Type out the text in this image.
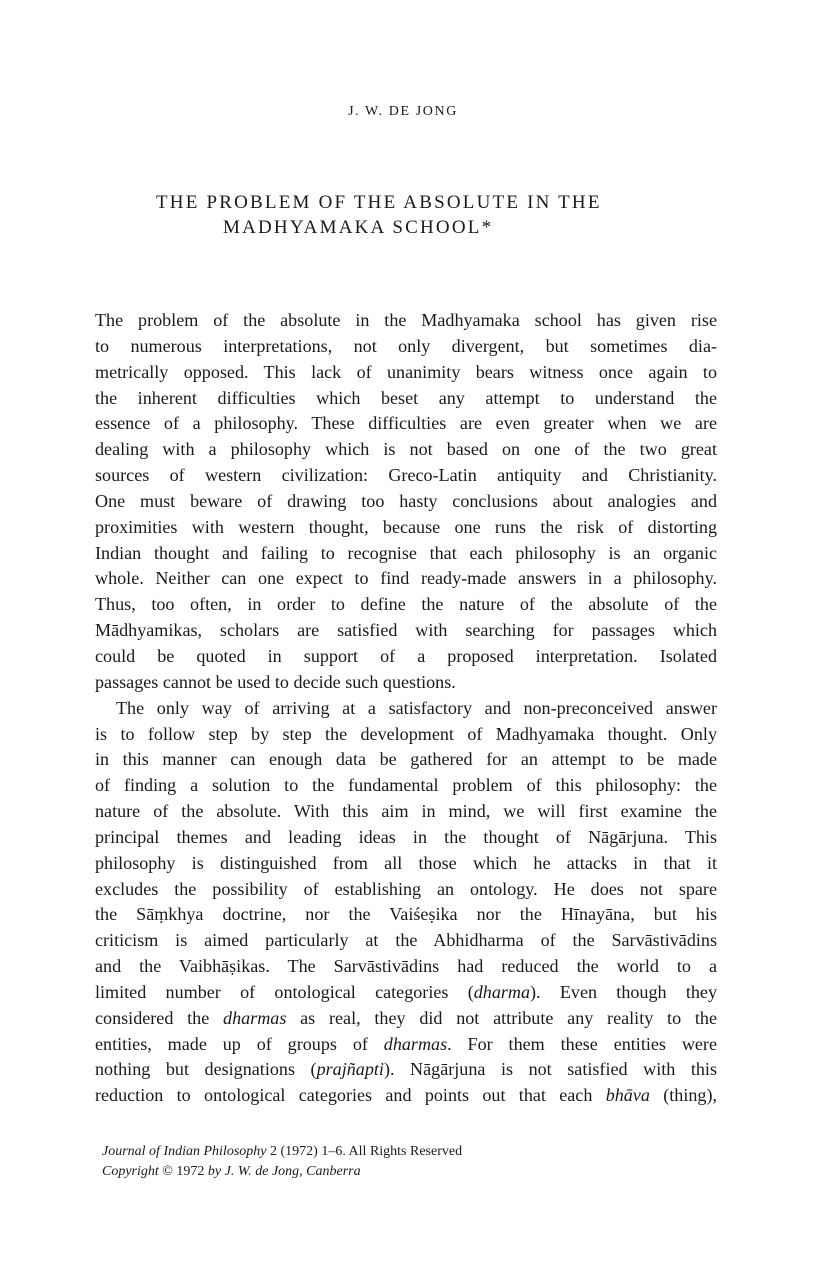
J. W. DE JONG
THE PROBLEM OF THE ABSOLUTE IN THE
MADHYAMAKA SCHOOL*
The problem of the absolute in the Madhyamaka school has given rise
to numerous interpretations, not only divergent, but sometimes dia-
metrically opposed. This lack of unanimity bears witness once again to
the inherent difficulties which beset any attempt to understand the
essence of a philosophy. These difficulties are even greater when we are
dealing with a philosophy which is not based on one of the two great
sources of western civilization: Greco-Latin antiquity and Christianity.
One must beware of drawing too hasty conclusions about analogies and
proximities with western thought, because one runs the risk of distorting
Indian thought and failing to recognise that each philosophy is an organic
whole. Neither can one expect to find ready-made answers in a philosophy.
Thus, too often, in order to define the nature of the absolute of the
Mādhyamikas, scholars are satisfied with searching for passages which
could be quoted in support of a proposed interpretation. Isolated
passages cannot be used to decide such questions.
The only way of arriving at a satisfactory and non-preconceived answer
is to follow step by step the development of Madhyamaka thought. Only
in this manner can enough data be gathered for an attempt to be made
of finding a solution to the fundamental problem of this philosophy: the
nature of the absolute. With this aim in mind, we will first examine the
principal themes and leading ideas in the thought of Nāgārjuna. This
philosophy is distinguished from all those which he attacks in that it
excludes the possibility of establishing an ontology. He does not spare
the Sāṃkhya doctrine, nor the Vaiśeṣika nor the Hīnayāna, but his
criticism is aimed particularly at the Abhidharma of the Sarvāstivādins
and the Vaibhāṣikas. The Sarvāstivādins had reduced the world to a
limited number of ontological categories (dharma). Even though they
considered the dharmas as real, they did not attribute any reality to the
entities, made up of groups of dharmas. For them these entities were
nothing but designations (prajñapti). Nāgārjuna is not satisfied with this
reduction to ontological categories and points out that each bhāva (thing),
Journal of Indian Philosophy 2 (1972) 1–6. All Rights Reserved
Copyright © 1972 by J. W. de Jong, Canberra
